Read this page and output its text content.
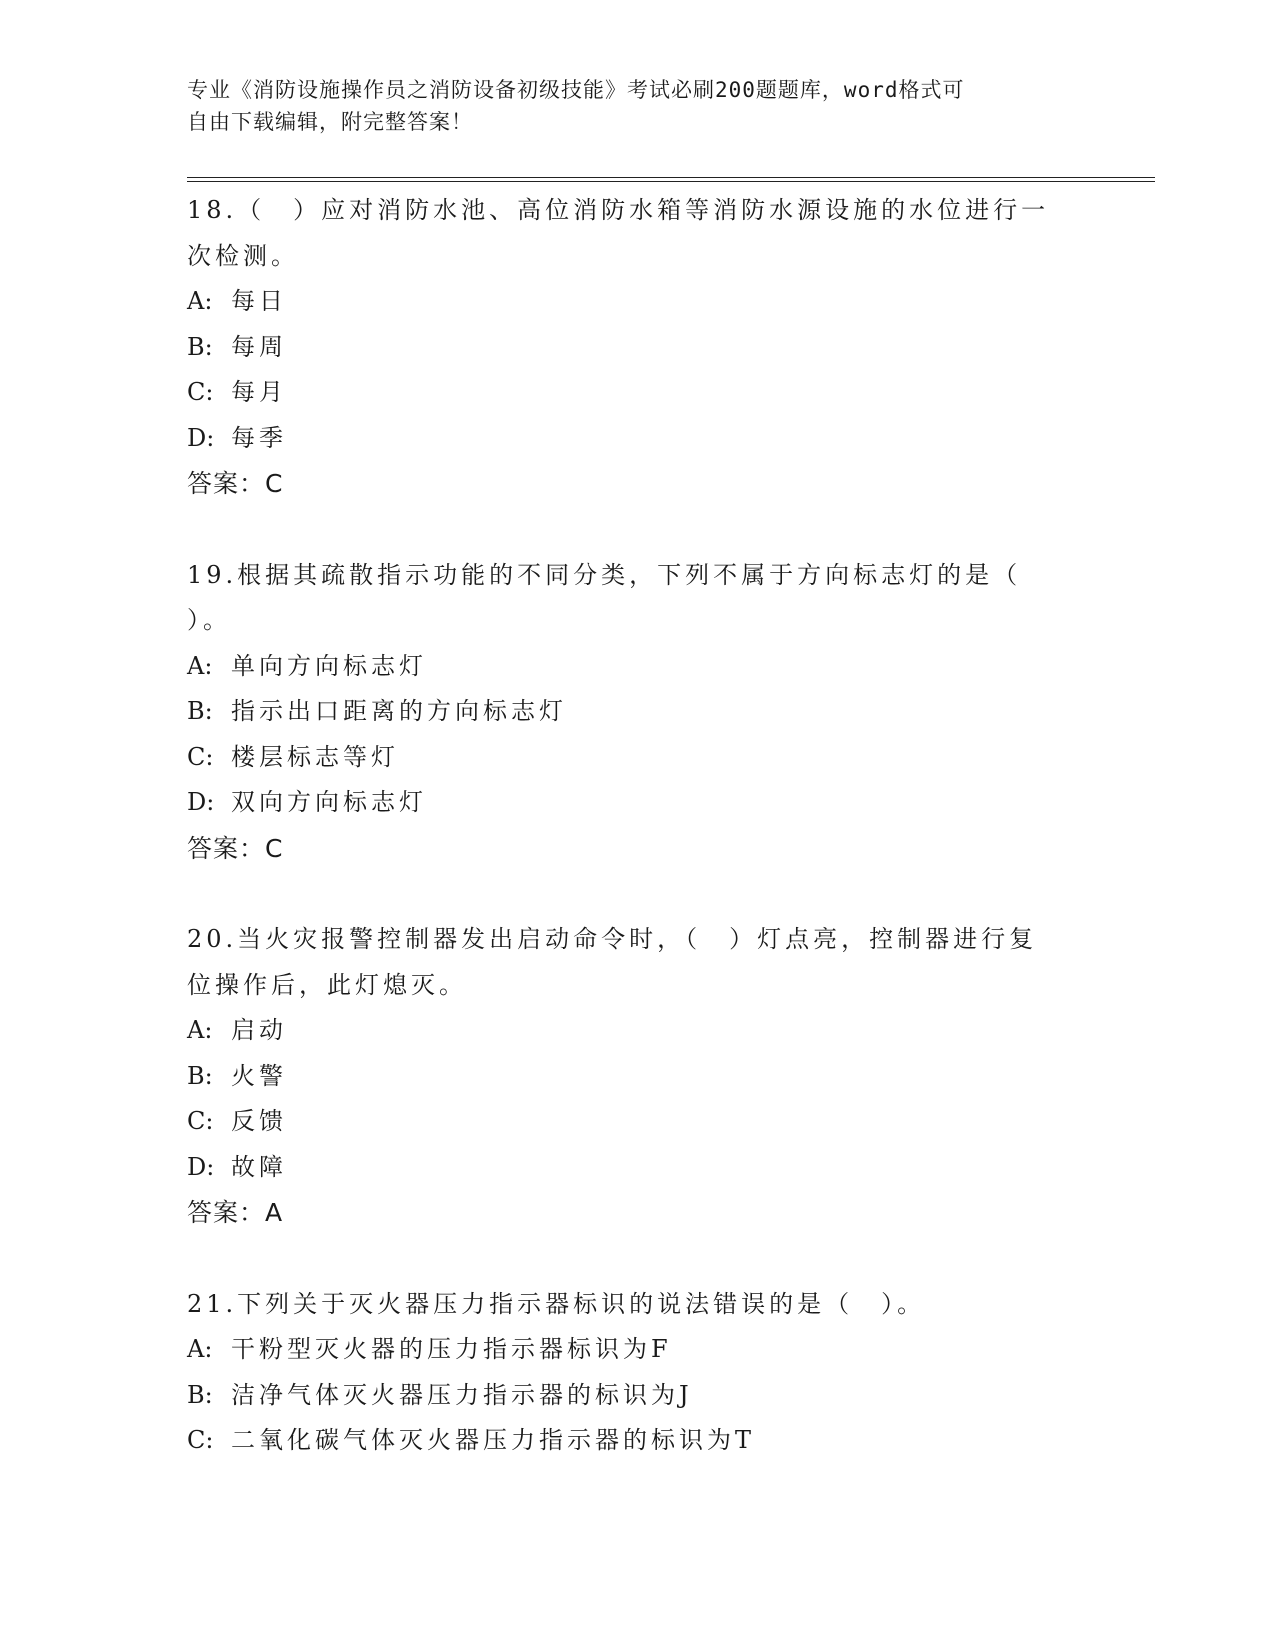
专业《消防设施操作员之消防设备初级技能》考试必刷200题题库，word格式可
自由下载编辑，附完整答案！
18.（　）应对消防水池、高位消防水箱等消防水源设施的水位进行一
次检测。
A: 每日
B: 每周
C: 每月
D: 每季
答案：C
19.根据其疏散指示功能的不同分类，下列不属于方向标志灯的是（
）。
A: 单向方向标志灯
B: 指示出口距离的方向标志灯
C: 楼层标志等灯
D: 双向方向标志灯
答案：C
20.当火灾报警控制器发出启动命令时，（　）灯点亮，控制器进行复
位操作后，此灯熄灭。
A: 启动
B: 火警
C: 反馈
D: 故障
答案：A
21.下列关于灭火器压力指示器标识的说法错误的是（　）。
A: 干粉型灭火器的压力指示器标识为F
B: 洁净气体灭火器压力指示器的标识为J
C: 二氧化碳气体灭火器压力指示器的标识为T
